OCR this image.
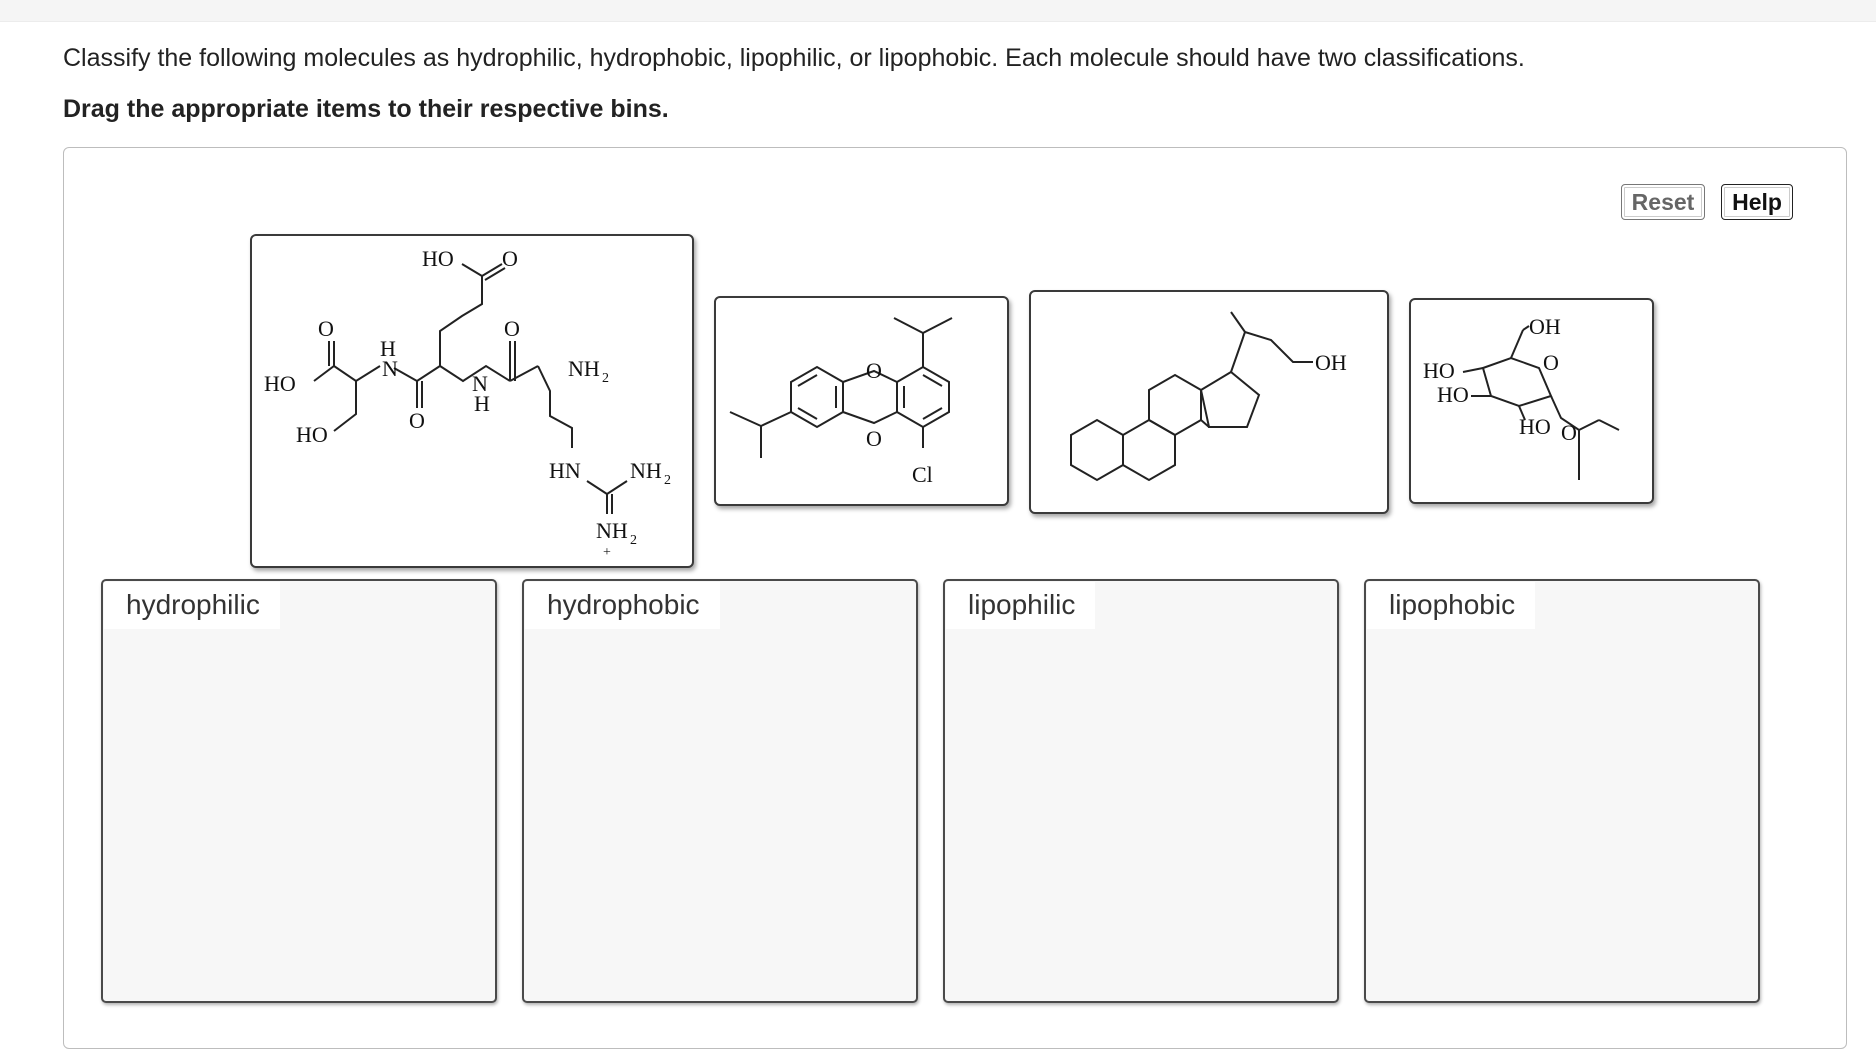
Classify the following molecules as hydrophilic, hydrophobic, lipophilic, or lipophobic. Each molecule should have two classifications.
Drag the appropriate items to their respective bins.
Reset	Help
HO O
O
H
N
HO
O
N
H
O
NH 2
HO
HN NH 2
NH 2
+
O
O
Cl
OH
OH
O
HO
HO
HO O
hydrophilic	hydrophobic	lipophilic	lipophobic
